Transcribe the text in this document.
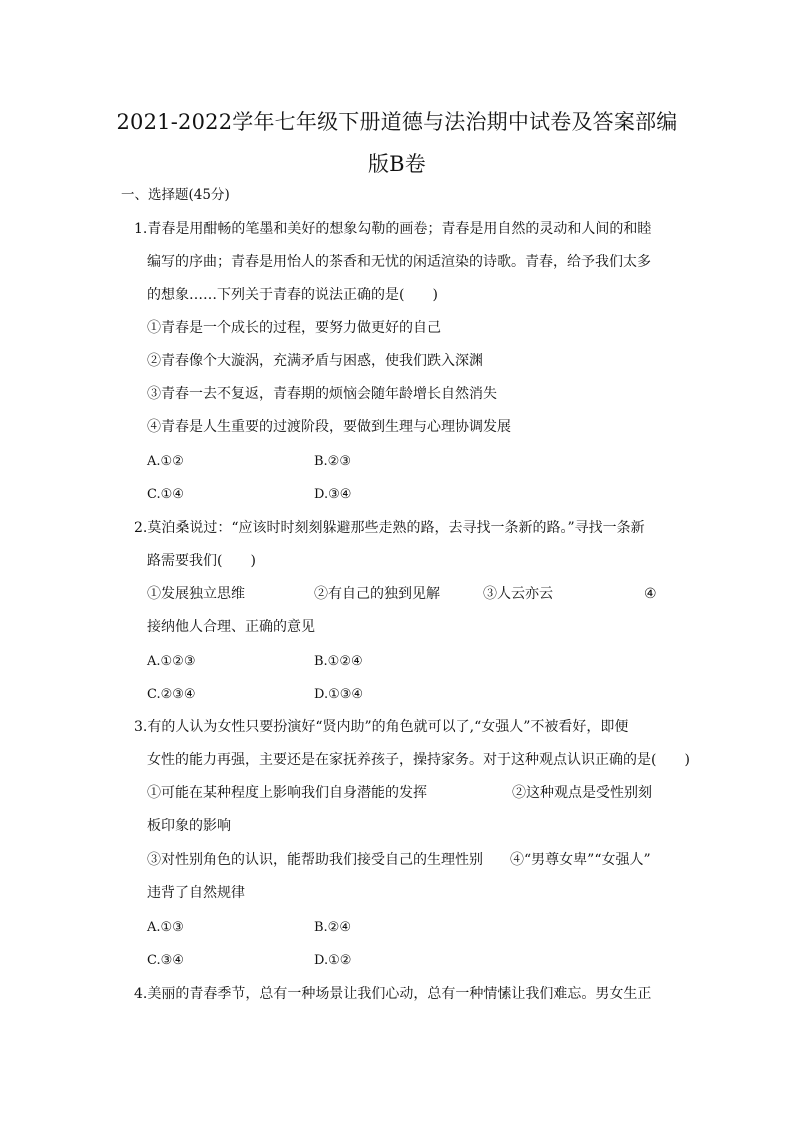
2021-2022学年七年级下册道德与法治期中试卷及答案部编
版B卷
一、选择题(45分)
1.青春是用酣畅的笔墨和美好的想象勾勒的画卷；青春是用自然的灵动和人间的和睦
编写的序曲；青春是用怡人的茶香和无忧的闲适渲染的诗歌。青春，给予我们太多
的想象……下列关于青春的说法正确的是(　　)
①青春是一个成长的过程，要努力做更好的自己
②青春像个大漩涡，充满矛盾与困惑，使我们跌入深渊
③青春一去不复返，青春期的烦恼会随年龄增长自然消失
④青春是人生重要的过渡阶段，要做到生理与心理协调发展
A.①②	B.②③
C.①④	D.③④
2.莫泊桑说过：“应该时时刻刻躲避那些走熟的路，去寻找一条新的路。”寻找一条新
路需要我们(　　)
①发展独立思维	②有自己的独到见解	③人云亦云	④
接纳他人合理、正确的意见
A.①②③	B.①②④
C.②③④	D.①③④
3.有的人认为女性只要扮演好“贤内助”的角色就可以了,“女强人”不被看好，即便
女性的能力再强，主要还是在家抚养孩子，操持家务。对于这种观点认识正确的是(　　)
①可能在某种程度上影响我们自身潜能的发挥	②这种观点是受性别刻
板印象的影响
③对性别角色的认识，能帮助我们接受自己的生理性别 ④“男尊女卑”“女强人”
违背了自然规律
A.①③	B.②④
C.③④	D.①②
4.美丽的青春季节，总有一种场景让我们心动，总有一种情愫让我们难忘。男女生正
